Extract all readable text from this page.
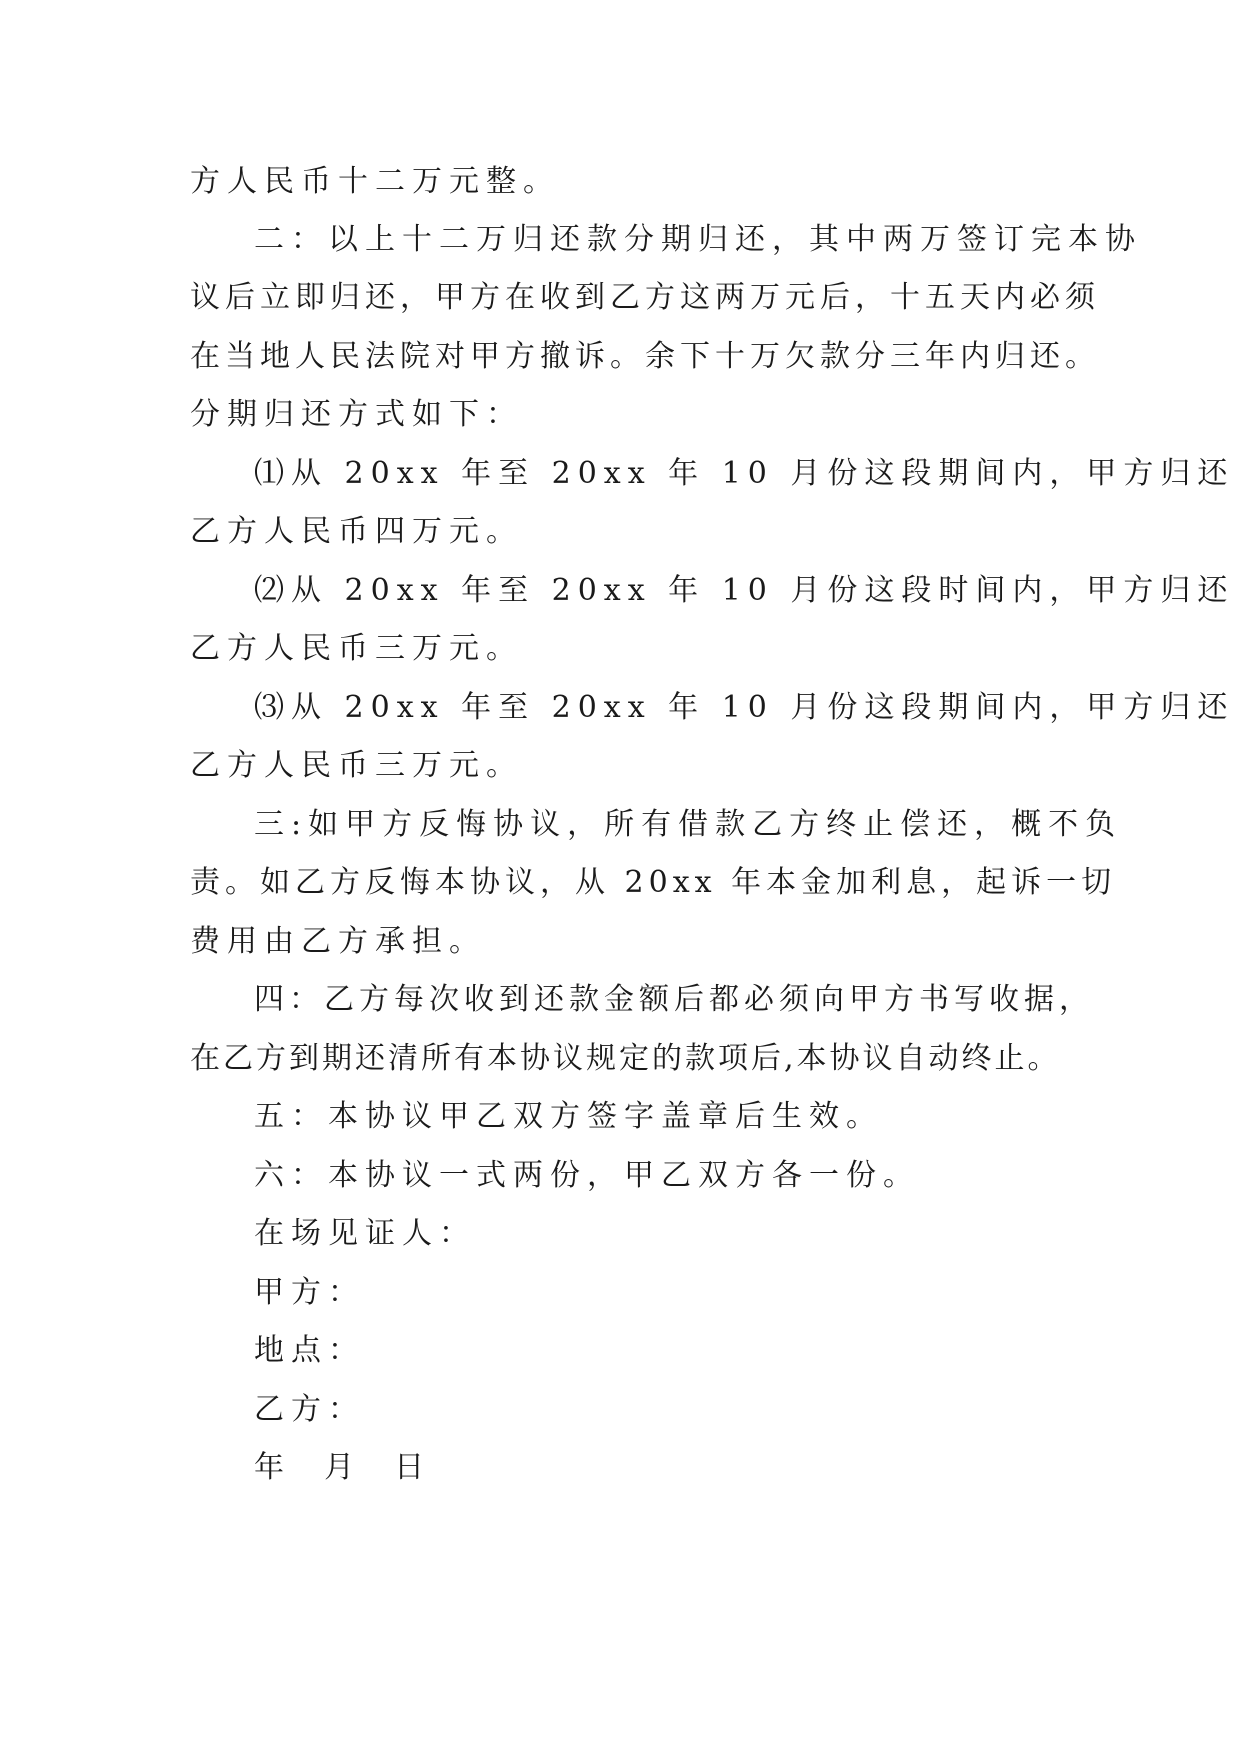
方人民币十二万元整。
二：以上十二万归还款分期归还，其中两万签订完本协
议后立即归还，甲方在收到乙方这两万元后，十五天内必须
在当地人民法院对甲方撤诉。余下十万欠款分三年内归还。
分期归还方式如下：
⑴从 20xx 年至 20xx 年 10 月份这段期间内，甲方归还
乙方人民币四万元。
⑵从 20xx 年至 20xx 年 10 月份这段时间内，甲方归还
乙方人民币三万元。
⑶从 20xx 年至 20xx 年 10 月份这段期间内，甲方归还
乙方人民币三万元。
三:如甲方反悔协议，所有借款乙方终止偿还，概不负
责。如乙方反悔本协议，从 20xx 年本金加利息，起诉一切
费用由乙方承担。
四：乙方每次收到还款金额后都必须向甲方书写收据，
在乙方到期还清所有本协议规定的款项后,本协议自动终止。
五：本协议甲乙双方签字盖章后生效。
六：本协议一式两份，甲乙双方各一份。
在场见证人：
甲方：
地点：
乙方：
年  月  日
